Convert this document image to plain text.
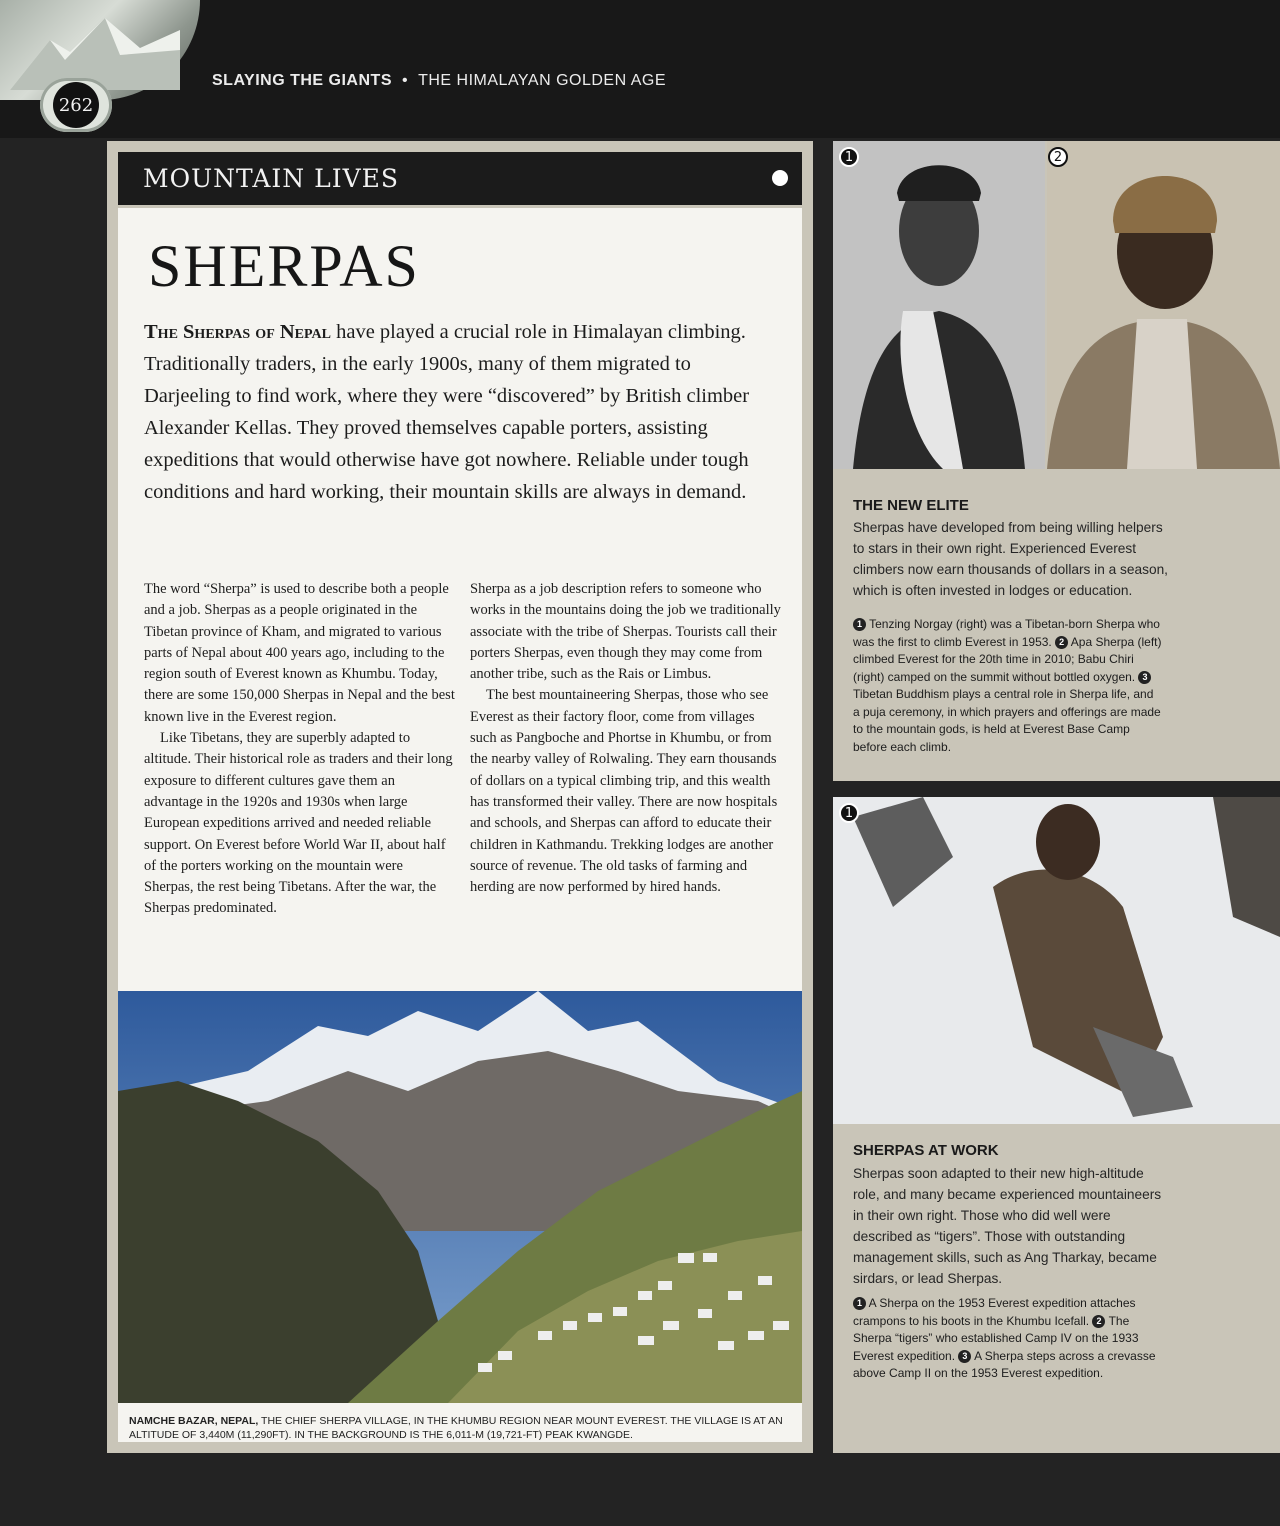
262
SLAYING THE GIANTS • THE HIMALAYAN GOLDEN AGE
MOUNTAIN LIVES
SHERPAS
The Sherpas of Nepal have played a crucial role in Himalayan climbing. Traditionally traders, in the early 1900s, many of them migrated to Darjeeling to find work, where they were “discovered” by British climber Alexander Kellas. They proved themselves capable porters, assisting expeditions that would otherwise have got nowhere. Reliable under tough conditions and hard working, their mountain skills are always in demand.

The word “Sherpa” is used to describe both a people and a job. Sherpas as a people originated in the Tibetan province of Kham, and migrated to various parts of Nepal about 400 years ago, including to the region south of Everest known as Khumbu. Today, there are some 150,000 Sherpas in Nepal and the best known live in the Everest region.

Like Tibetans, they are superbly adapted to altitude. Their historical role as traders and their long exposure to different cultures gave them an advantage in the 1920s and 1930s when large European expeditions arrived and needed reliable support. On Everest before World War II, about half of the porters working on the mountain were Sherpas, the rest being Tibetans. After the war, the Sherpas predominated.

Sherpa as a job description refers to someone who works in the mountains doing the job we traditionally associate with the tribe of Sherpas. Tourists call their porters Sherpas, even though they may come from another tribe, such as the Rais or Limbus.

The best mountaineering Sherpas, those who see Everest as their factory floor, come from villages such as Pangboche and Phortse in Khumbu, or from the nearby valley of Rolwaling. They earn thousands of dollars on a typical climbing trip, and this wealth has transformed their valley. There are now hospitals and schools, and Sherpas can afford to educate their children in Kathmandu. Trekking lodges are another source of revenue. The old tasks of farming and herding are now performed by hired hands.

NAMCHE BAZAR, NEPAL, THE CHIEF SHERPA VILLAGE, IN THE KHUMBU REGION NEAR MOUNT EVEREST. THE VILLAGE IS AT AN ALTITUDE OF 3,440M (11,290FT). IN THE BACKGROUND IS THE 6,011-M (19,721-FT) PEAK KWANGDE.
1	2
THE NEW ELITE
Sherpas have developed from being willing helpers to stars in their own right. Experienced Everest climbers now earn thousands of dollars in a season, which is often invested in lodges or education.
1 Tenzing Norgay (right) was a Tibetan-born Sherpa who was the first to climb Everest in 1953. 2 Apa Sherpa (left) climbed Everest for the 20th time in 2010; Babu Chiri (right) camped on the summit without bottled oxygen. 3 Tibetan Buddhism plays a central role in Sherpa life, and a puja ceremony, in which prayers and offerings are made to the mountain gods, is held at Everest Base Camp before each climb.
1
SHERPAS AT WORK
Sherpas soon adapted to their new high-altitude role, and many became experienced mountaineers in their own right. Those who did well were described as “tigers”. Those with outstanding management skills, such as Ang Tharkay, became sirdars, or lead Sherpas.
1 A Sherpa on the 1953 Everest expedition attaches crampons to his boots in the Khumbu Icefall. 2 The Sherpa “tigers” who established Camp IV on the 1933 Everest expedition. 3 A Sherpa steps across a crevasse above Camp II on the 1953 Everest expedition.
